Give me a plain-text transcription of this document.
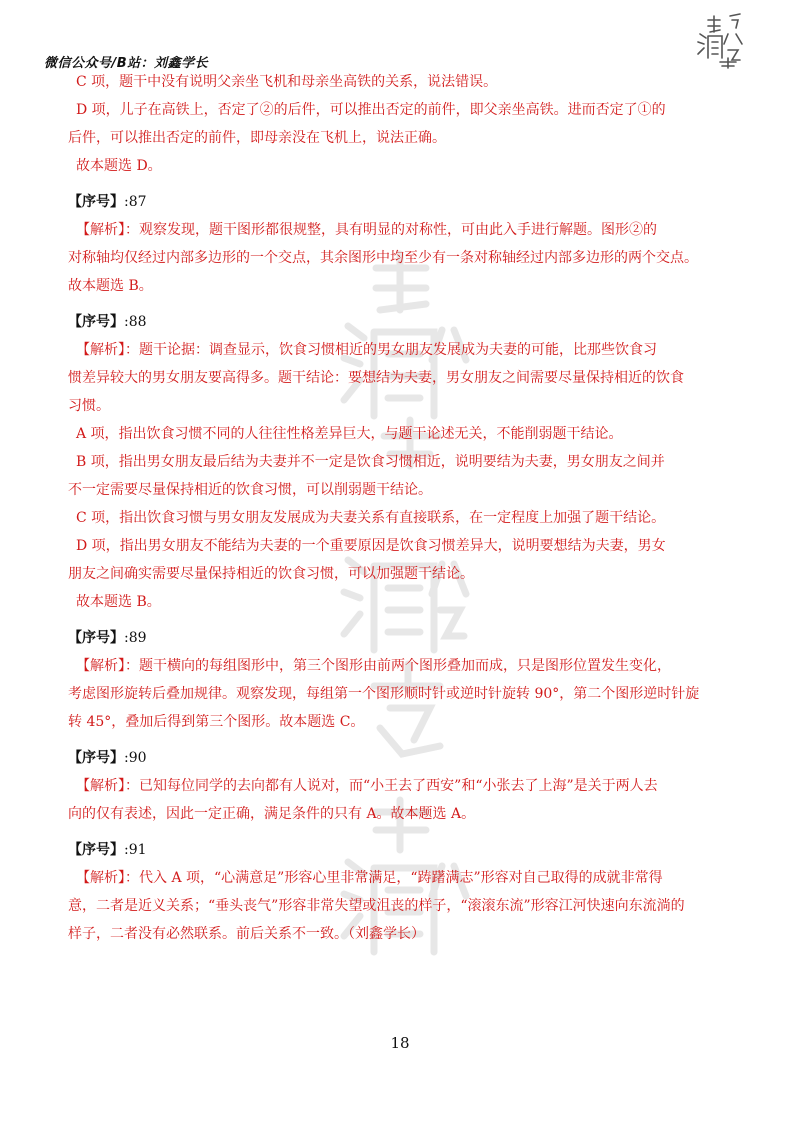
微信公众号/B站：刘鑫学长
C 项，题干中没有说明父亲坐飞机和母亲坐高铁的关系，说法错误。
D 项，儿子在高铁上，否定了②的后件，可以推出否定的前件，即父亲坐高铁。进而否定了①的
后件，可以推出否定的前件，即母亲没在飞机上，说法正确。
故本题选 D。
【序号】:87
【解析】：观察发现，题干图形都很规整，具有明显的对称性，可由此入手进行解题。图形②的
对称轴均仅经过内部多边形的一个交点，其余图形中均至少有一条对称轴经过内部多边形的两个交点。
故本题选 B。
【序号】:88
【解析】：题干论据：调查显示，饮食习惯相近的男女朋友发展成为夫妻的可能，比那些饮食习
惯差异较大的男女朋友要高得多。题干结论：要想结为夫妻，男女朋友之间需要尽量保持相近的饮食
习惯。
A 项，指出饮食习惯不同的人往往性格差异巨大，与题干论述无关，不能削弱题干结论。
B 项，指出男女朋友最后结为夫妻并不一定是饮食习惯相近，说明要结为夫妻，男女朋友之间并
不一定需要尽量保持相近的饮食习惯，可以削弱题干结论。
C 项，指出饮食习惯与男女朋友发展成为夫妻关系有直接联系，在一定程度上加强了题干结论。
D 项，指出男女朋友不能结为夫妻的一个重要原因是饮食习惯差异大，说明要想结为夫妻，男女
朋友之间确实需要尽量保持相近的饮食习惯，可以加强题干结论。
故本题选 B。
【序号】:89
【解析】：题干横向的每组图形中，第三个图形由前两个图形叠加而成，只是图形位置发生变化，
考虑图形旋转后叠加规律。观察发现，每组第一个图形顺时针或逆时针旋转 90°，第二个图形逆时针旋
转 45°，叠加后得到第三个图形。故本题选 C。
【序号】:90
【解析】：已知每位同学的去向都有人说对，而“小王去了西安”和“小张去了上海”是关于两人去
向的仅有表述，因此一定正确，满足条件的只有 A。故本题选 A。
【序号】:91
【解析】：代入 A 项，“心满意足”形容心里非常满足，“踌躇满志”形容对自己取得的成就非常得
意，二者是近义关系；“垂头丧气”形容非常失望或沮丧的样子，“滚滚东流”形容江河快速向东流淌的
样子，二者没有必然联系。前后关系不一致。（刘鑫学长）
18
